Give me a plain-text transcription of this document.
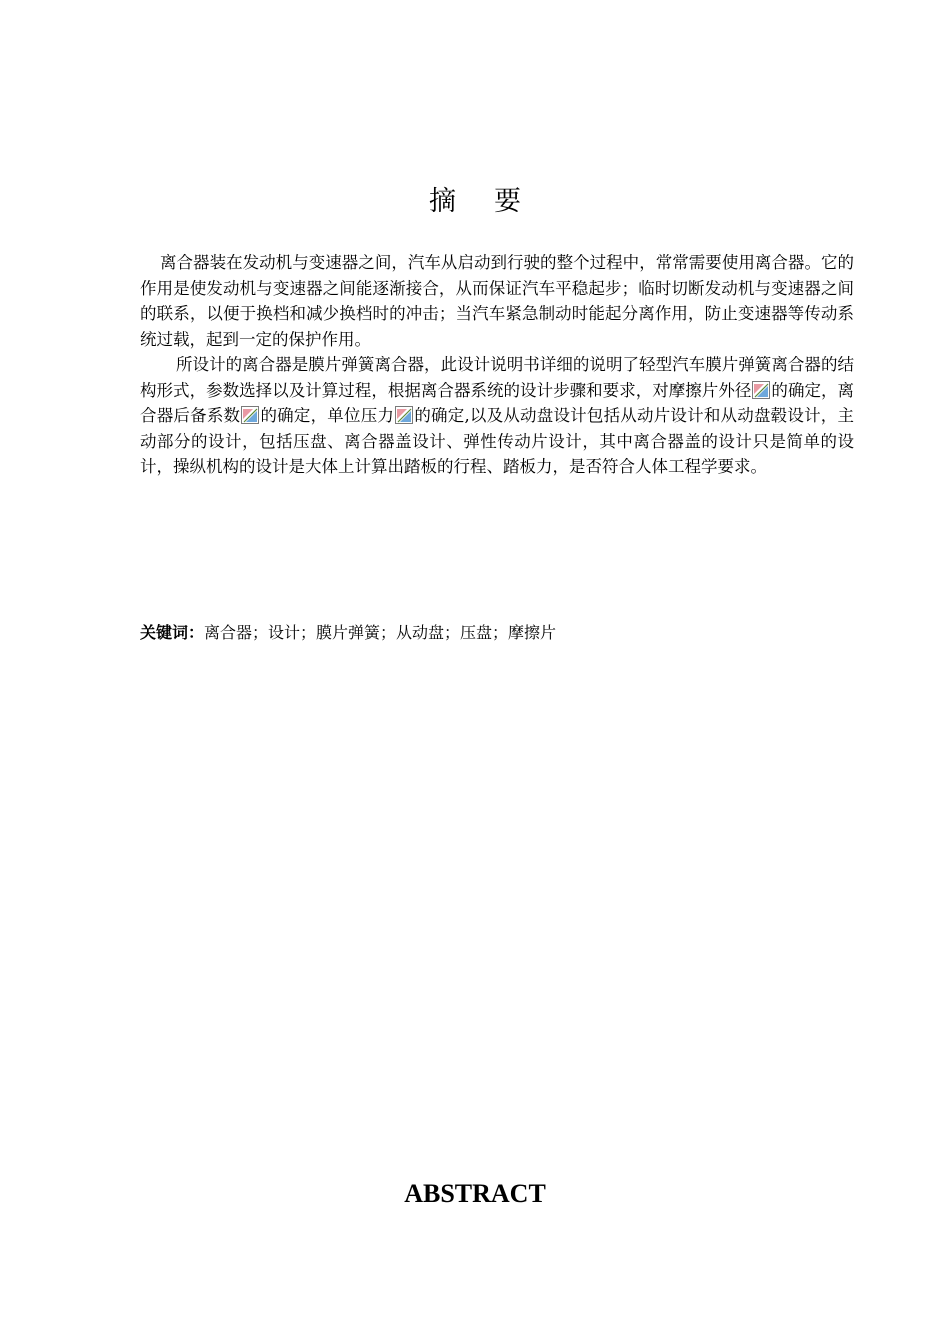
摘要

离合器装在发动机与变速器之间，汽车从启动到行驶的整个过程中，常常需要使用离合器。它的作用是使发动机与变速器之间能逐渐接合，从而保证汽车平稳起步；临时切断发动机与变速器之间的联系，以便于换档和减少换档时的冲击；当汽车紧急制动时能起分离作用，防止变速器等传动系统过载，起到一定的保护作用。

所设计的离合器是膜片弹簧离合器，此设计说明书详细的说明了轻型汽车膜片弹簧离合器的结构形式，参数选择以及计算过程，根据离合器系统的设计步骤和要求，对摩擦片外径 的确定，离合器后备系数 的确定，单位压力 的确定,以及从动盘设计包括从动片设计和从动盘毂设计，主动部分的设计，包括压盘、离合器盖设计、弹性传动片设计，其中离合器盖的设计只是简单的设计，操纵机构的设计是大体上计算出踏板的行程、踏板力，是否符合人体工程学要求。

关键词：离合器；设计；膜片弹簧；从动盘；压盘；摩擦片
ABSTRACT
